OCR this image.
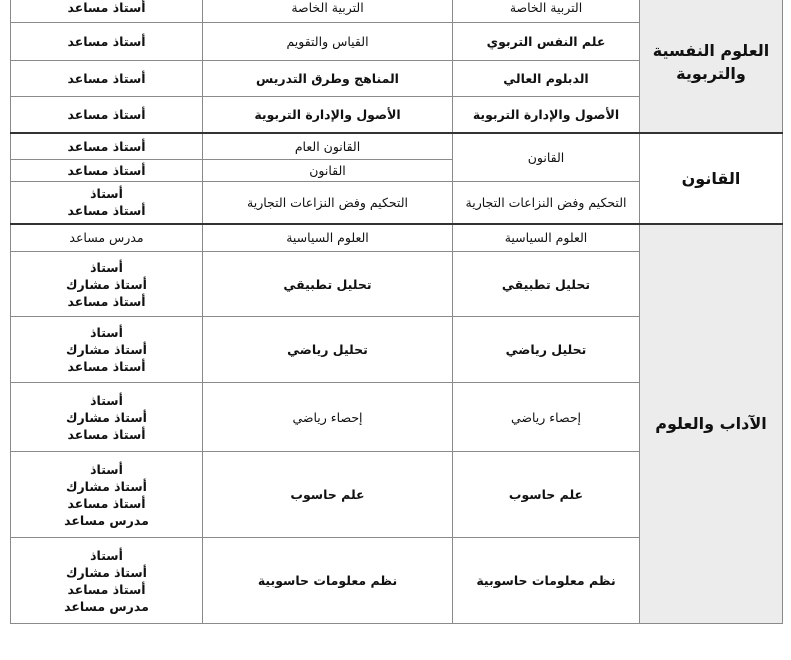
العلوم النفسية والتربوية	التربية الخاصة	التربية الخاصة	أستاذ مساعد

	علم النفس التربوي	القياس والتقويم	أستاذ مساعد

	الدبلوم العالي	المناهج وطرق التدريس	أستاذ مساعد

	الأصول والإدارة التربوية	الأصول والإدارة التربوية	أستاذ مساعد

القانون	القانون	القانون العام	أستاذ مساعد

		القانون	أستاذ مساعد

	التحكيم وفض النزاعات التجارية	التحكيم وفض النزاعات التجارية	أستاذ
أستاذ مساعد

الآداب والعلوم	العلوم السياسية	العلوم السياسية	مدرس مساعد

	تحليل تطبيقي	تحليل تطبيقي	أستاذ
أستاذ مشارك
أستاذ مساعد

	تحليل رياضي	تحليل رياضي	أستاذ
أستاذ مشارك
أستاذ مساعد

	إحصاء رياضي	إحصاء رياضي	أستاذ
أستاذ مشارك
أستاذ مساعد

	علم حاسوب	علم حاسوب	أستاذ
أستاذ مشارك
أستاذ مساعد
مدرس مساعد

	نظم معلومات حاسوبية	نظم معلومات حاسوبية	أستاذ
أستاذ مشارك
أستاذ مساعد
مدرس مساعد
